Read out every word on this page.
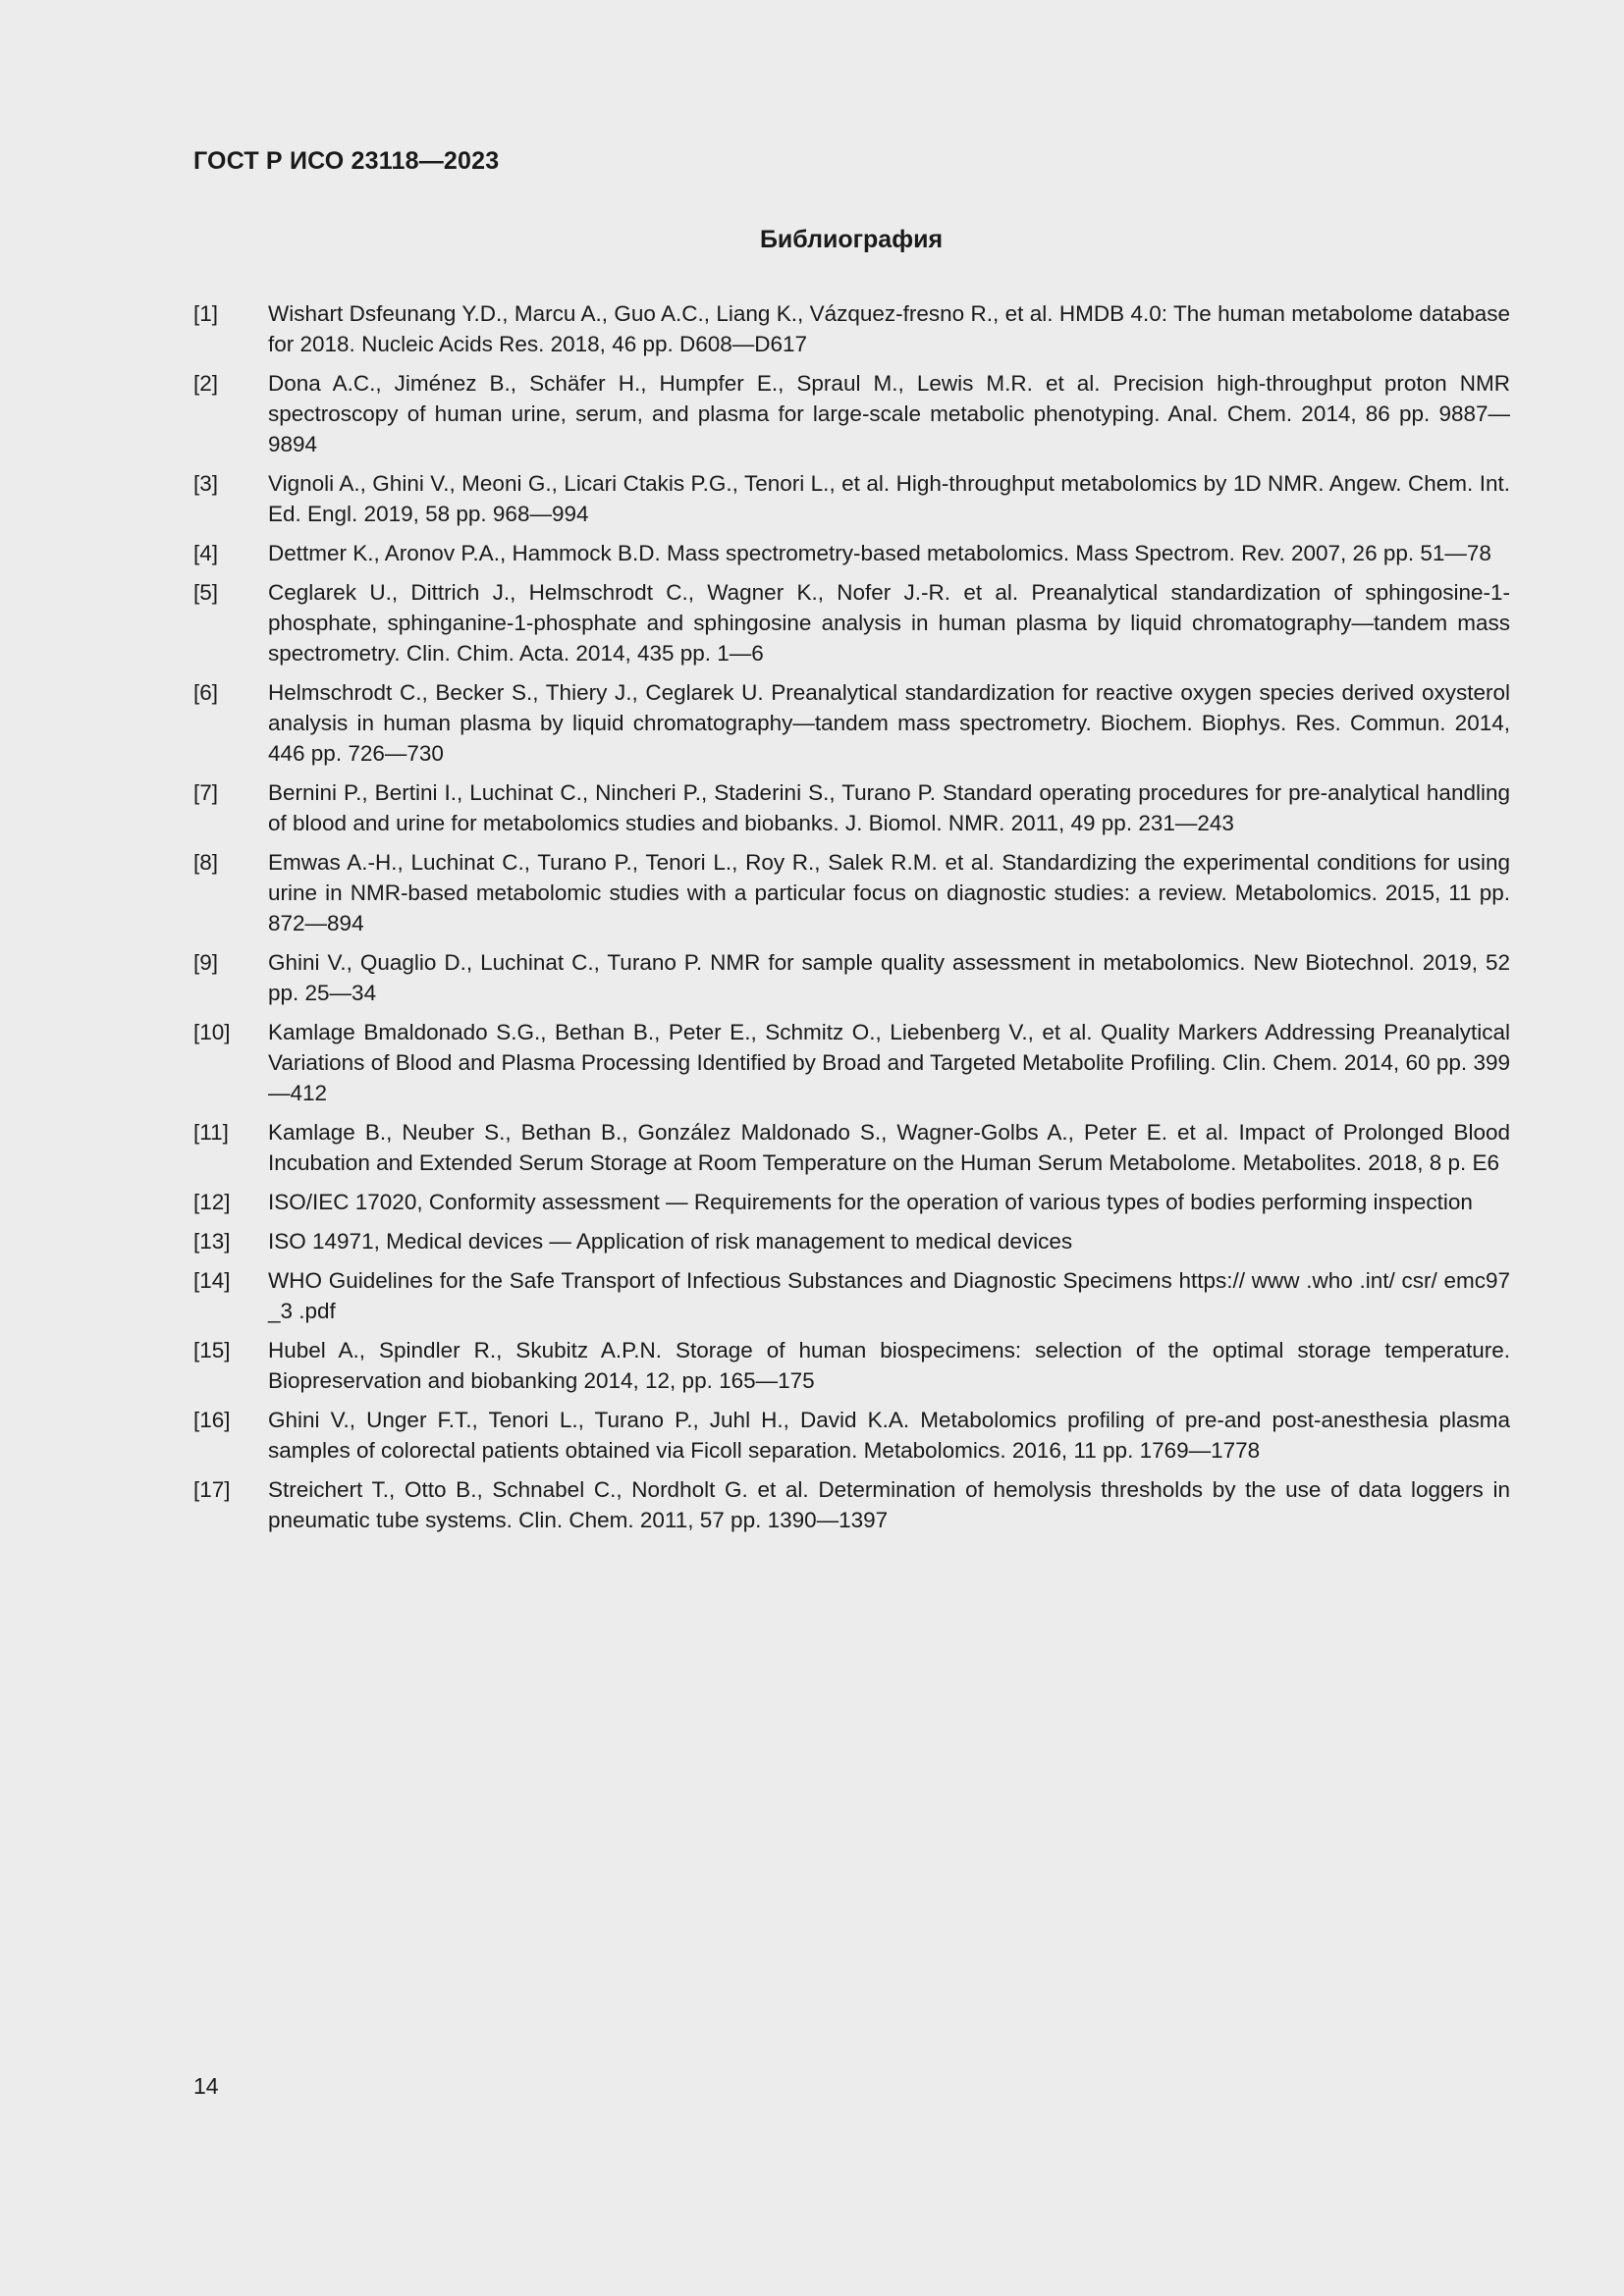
ГОСТ Р ИСО 23118—2023
Библиография
[1]	Wishart Dsfeunang Y.D., Marcu A., Guo A.C., Liang K., Vázquez-fresno R., et al. HMDB 4.0: The human metabolome database for 2018. Nucleic Acids Res. 2018, 46 pp. D608—D617
[2]	Dona A.C., Jiménez B., Schäfer H., Humpfer E., Spraul M., Lewis M.R. et al. Precision high-throughput proton NMR spectroscopy of human urine, serum, and plasma for large-scale metabolic phenotyping. Anal. Chem. 2014, 86 pp. 9887—9894
[3]	Vignoli A., Ghini V., Meoni G., Licari Ctakis P.G., Tenori L., et al. High-throughput metabolomics by 1D NMR. Angew. Chem. Int. Ed. Engl. 2019, 58 pp. 968—994
[4]	Dettmer K., Aronov P.A., Hammock B.D. Mass spectrometry-based metabolomics. Mass Spectrom. Rev. 2007, 26 pp. 51—78
[5]	Ceglarek U., Dittrich J., Helmschrodt C., Wagner K., Nofer J.-R. et al. Preanalytical standardization of sphingosine-1-phosphate, sphinganine-1-phosphate and sphingosine analysis in human plasma by liquid chromatography—tandem mass spectrometry. Clin. Chim. Acta. 2014, 435 pp. 1—6
[6]	Helmschrodt C., Becker S., Thiery J., Ceglarek U. Preanalytical standardization for reactive oxygen species derived oxysterol analysis in human plasma by liquid chromatography—tandem mass spectrometry. Biochem. Biophys. Res. Commun. 2014, 446 pp. 726—730
[7]	Bernini P., Bertini I., Luchinat C., Nincheri P., Staderini S., Turano P. Standard operating procedures for pre-analytical handling of blood and urine for metabolomics studies and biobanks. J. Biomol. NMR. 2011, 49 pp. 231—243
[8]	Emwas A.-H., Luchinat C., Turano P., Tenori L., Roy R., Salek R.M. et al. Standardizing the experimental conditions for using urine in NMR-based metabolomic studies with a particular focus on diagnostic studies: a review. Metabolomics. 2015, 11 pp. 872—894
[9]	Ghini V., Quaglio D., Luchinat C., Turano P. NMR for sample quality assessment in metabolomics. New Biotechnol. 2019, 52 pp. 25—34
[10]	Kamlage Bmaldonado S.G., Bethan B., Peter E., Schmitz O., Liebenberg V., et al. Quality Markers Addressing Preanalytical Variations of Blood and Plasma Processing Identified by Broad and Targeted Metabolite Profiling. Clin. Chem. 2014, 60 pp. 399—412
[11]	Kamlage B., Neuber S., Bethan B., González Maldonado S., Wagner-Golbs A., Peter E. et al. Impact of Prolonged Blood Incubation and Extended Serum Storage at Room Temperature on the Human Serum Metabolome. Metabolites. 2018, 8 p. E6
[12]	ISO/IEC 17020, Conformity assessment — Requirements for the operation of various types of bodies performing inspection
[13]	ISO 14971, Medical devices — Application of risk management to medical devices
[14]	WHO Guidelines for the Safe Transport of Infectious Substances and Diagnostic Specimens https:// www .who .int/ csr/ emc97 _3 .pdf
[15]	Hubel A., Spindler R., Skubitz A.P.N. Storage of human biospecimens: selection of the optimal storage temperature. Biopreservation and biobanking 2014, 12, pp. 165—175
[16]	Ghini V., Unger F.T., Tenori L., Turano P., Juhl H., David K.A. Metabolomics profiling of pre-and post-anesthesia plasma samples of colorectal patients obtained via Ficoll separation. Metabolomics. 2016, 11 pp. 1769—1778
[17]	Streichert T., Otto B., Schnabel C., Nordholt G. et al. Determination of hemolysis thresholds by the use of data loggers in pneumatic tube systems. Clin. Chem. 2011, 57 pp. 1390—1397
14
